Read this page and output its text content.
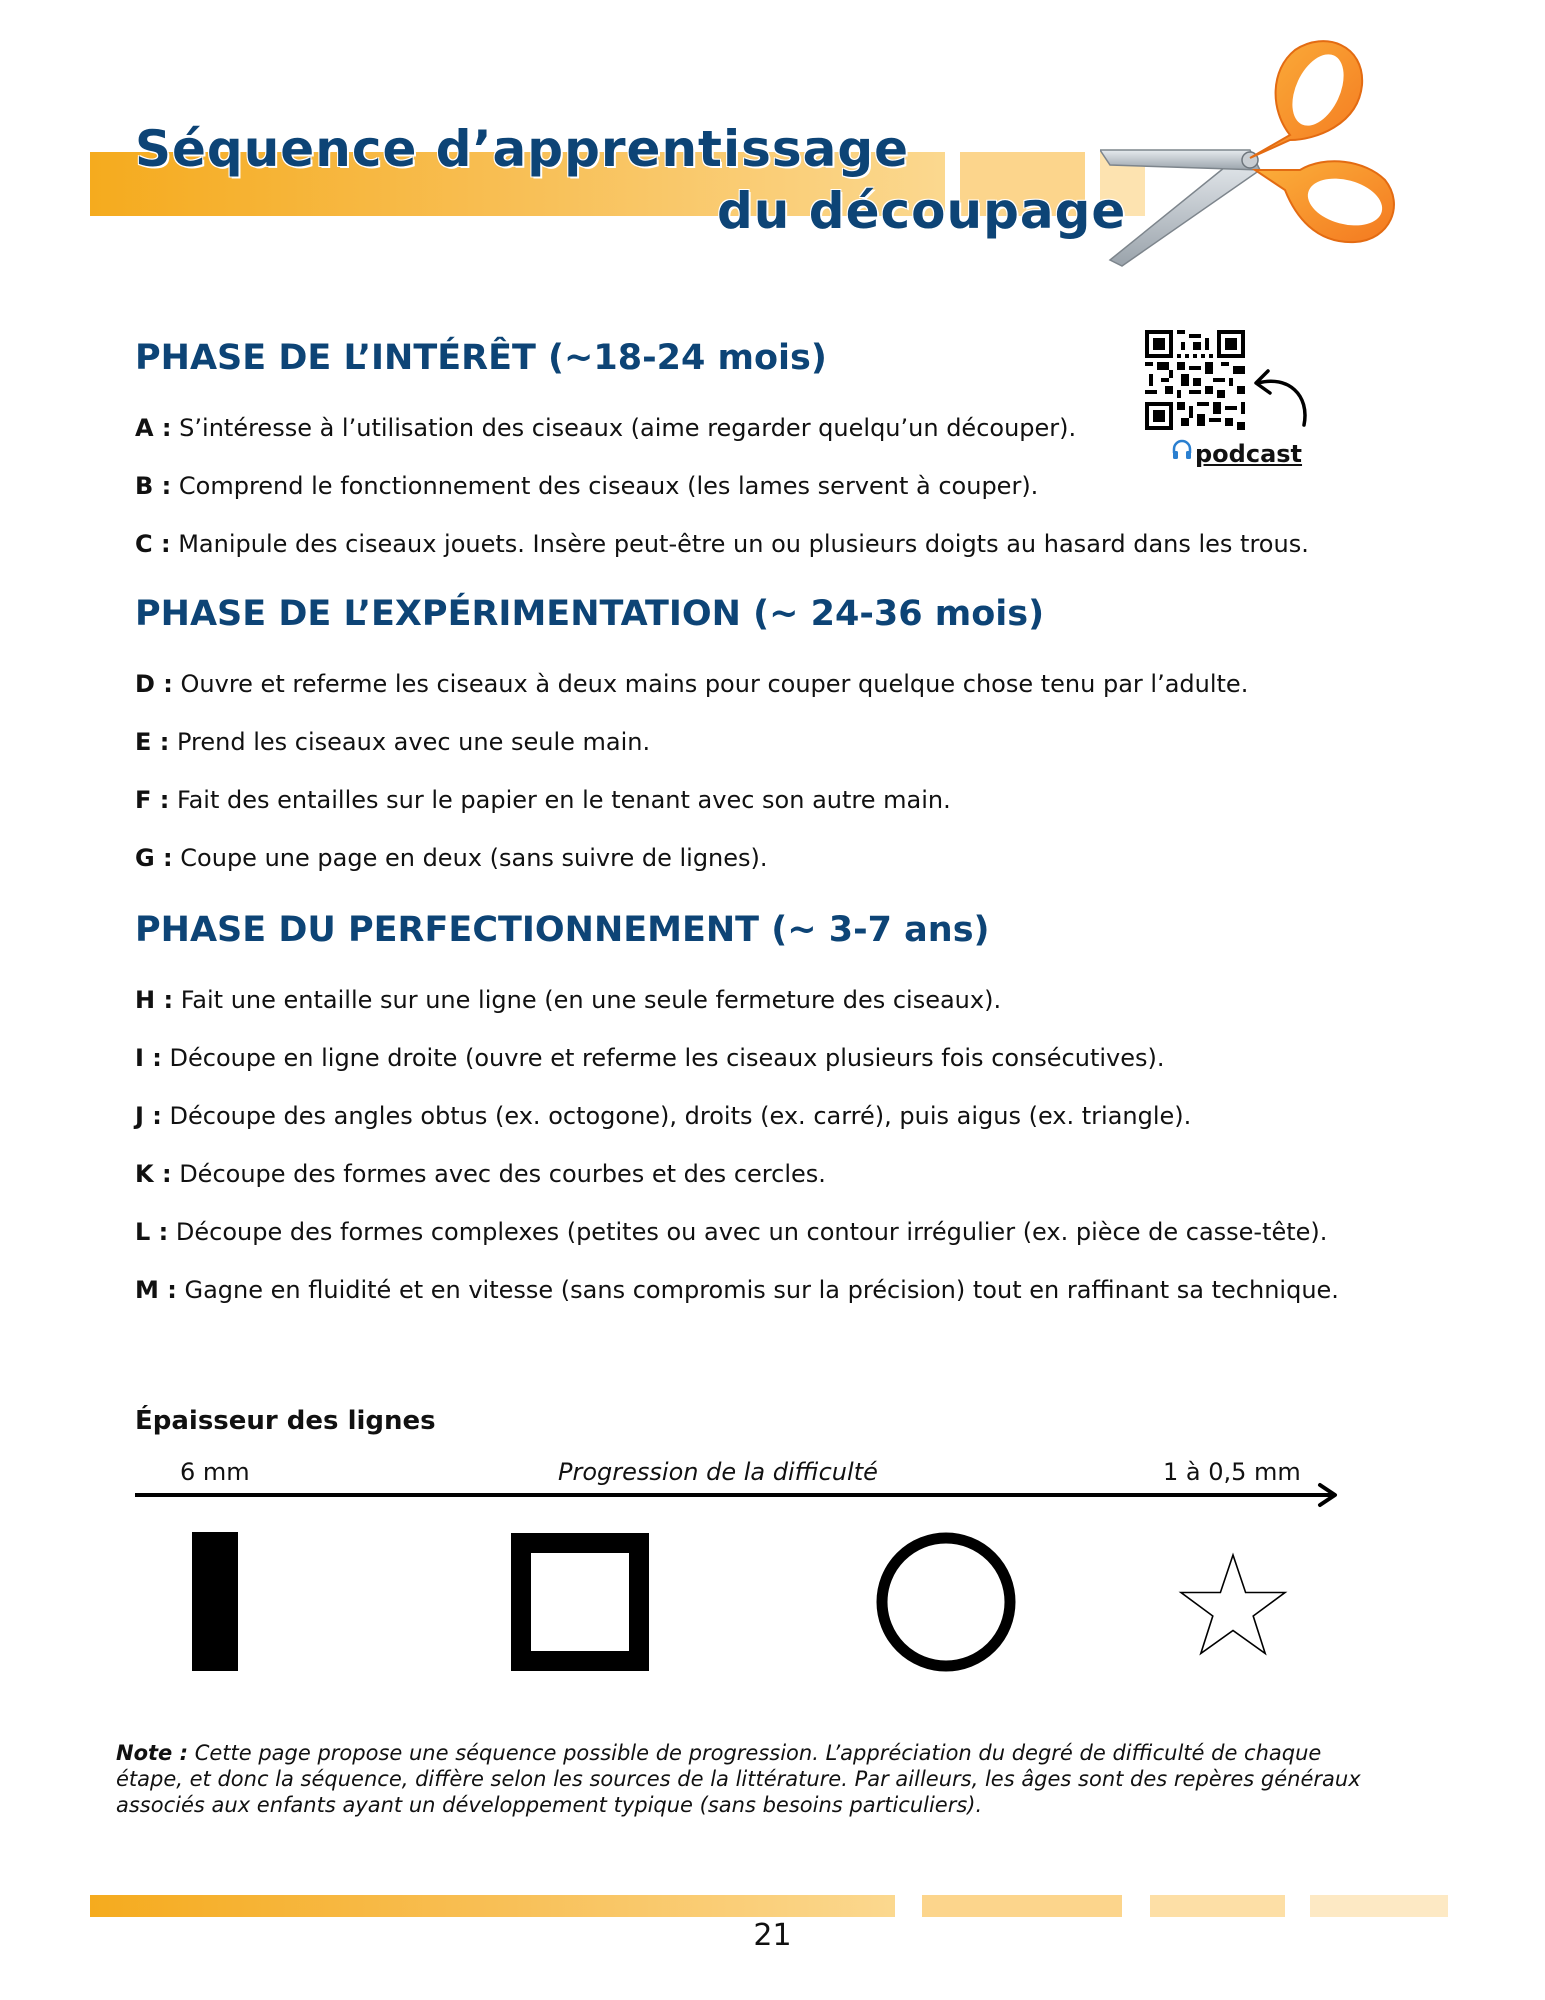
Séquence d’apprentissage
du découpage
podcast
PHASE DE L’INTÉRÊT (~18-24 mois)
A : S’intéresse à l’utilisation des ciseaux (aime regarder quelqu’un découper).
B : Comprend le fonctionnement des ciseaux (les lames servent à couper).
C : Manipule des ciseaux jouets. Insère peut-être un ou plusieurs doigts au hasard dans les trous.
PHASE DE L’EXPÉRIMENTATION (~ 24-36 mois)
D : Ouvre et referme les ciseaux à deux mains pour couper quelque chose tenu par l’adulte.
E : Prend les ciseaux avec une seule main.
F : Fait des entailles sur le papier en le tenant avec son autre main.
G : Coupe une page en deux (sans suivre de lignes).
PHASE DU PERFECTIONNEMENT (~ 3-7 ans)
H : Fait une entaille sur une ligne (en une seule fermeture des ciseaux).
I : Découpe en ligne droite (ouvre et referme les ciseaux plusieurs fois consécutives).
J : Découpe des angles obtus (ex. octogone), droits (ex. carré), puis aigus (ex. triangle).
K : Découpe des formes avec des courbes et des cercles.
L : Découpe des formes complexes (petites ou avec un contour irrégulier (ex. pièce de casse-tête).
M : Gagne en fluidité et en vitesse (sans compromis sur la précision) tout en raffinant sa technique.
Épaisseur des lignes
6 mm	Progression de la difficulté	1 à 0,5 mm
Note : Cette page propose une séquence possible de progression. L’appréciation du degré de difficulté de chaque étape, et donc la séquence, diffère selon les sources de la littérature. Par ailleurs, les âges sont des repères généraux associés aux enfants ayant un développement typique (sans besoins particuliers).
21
